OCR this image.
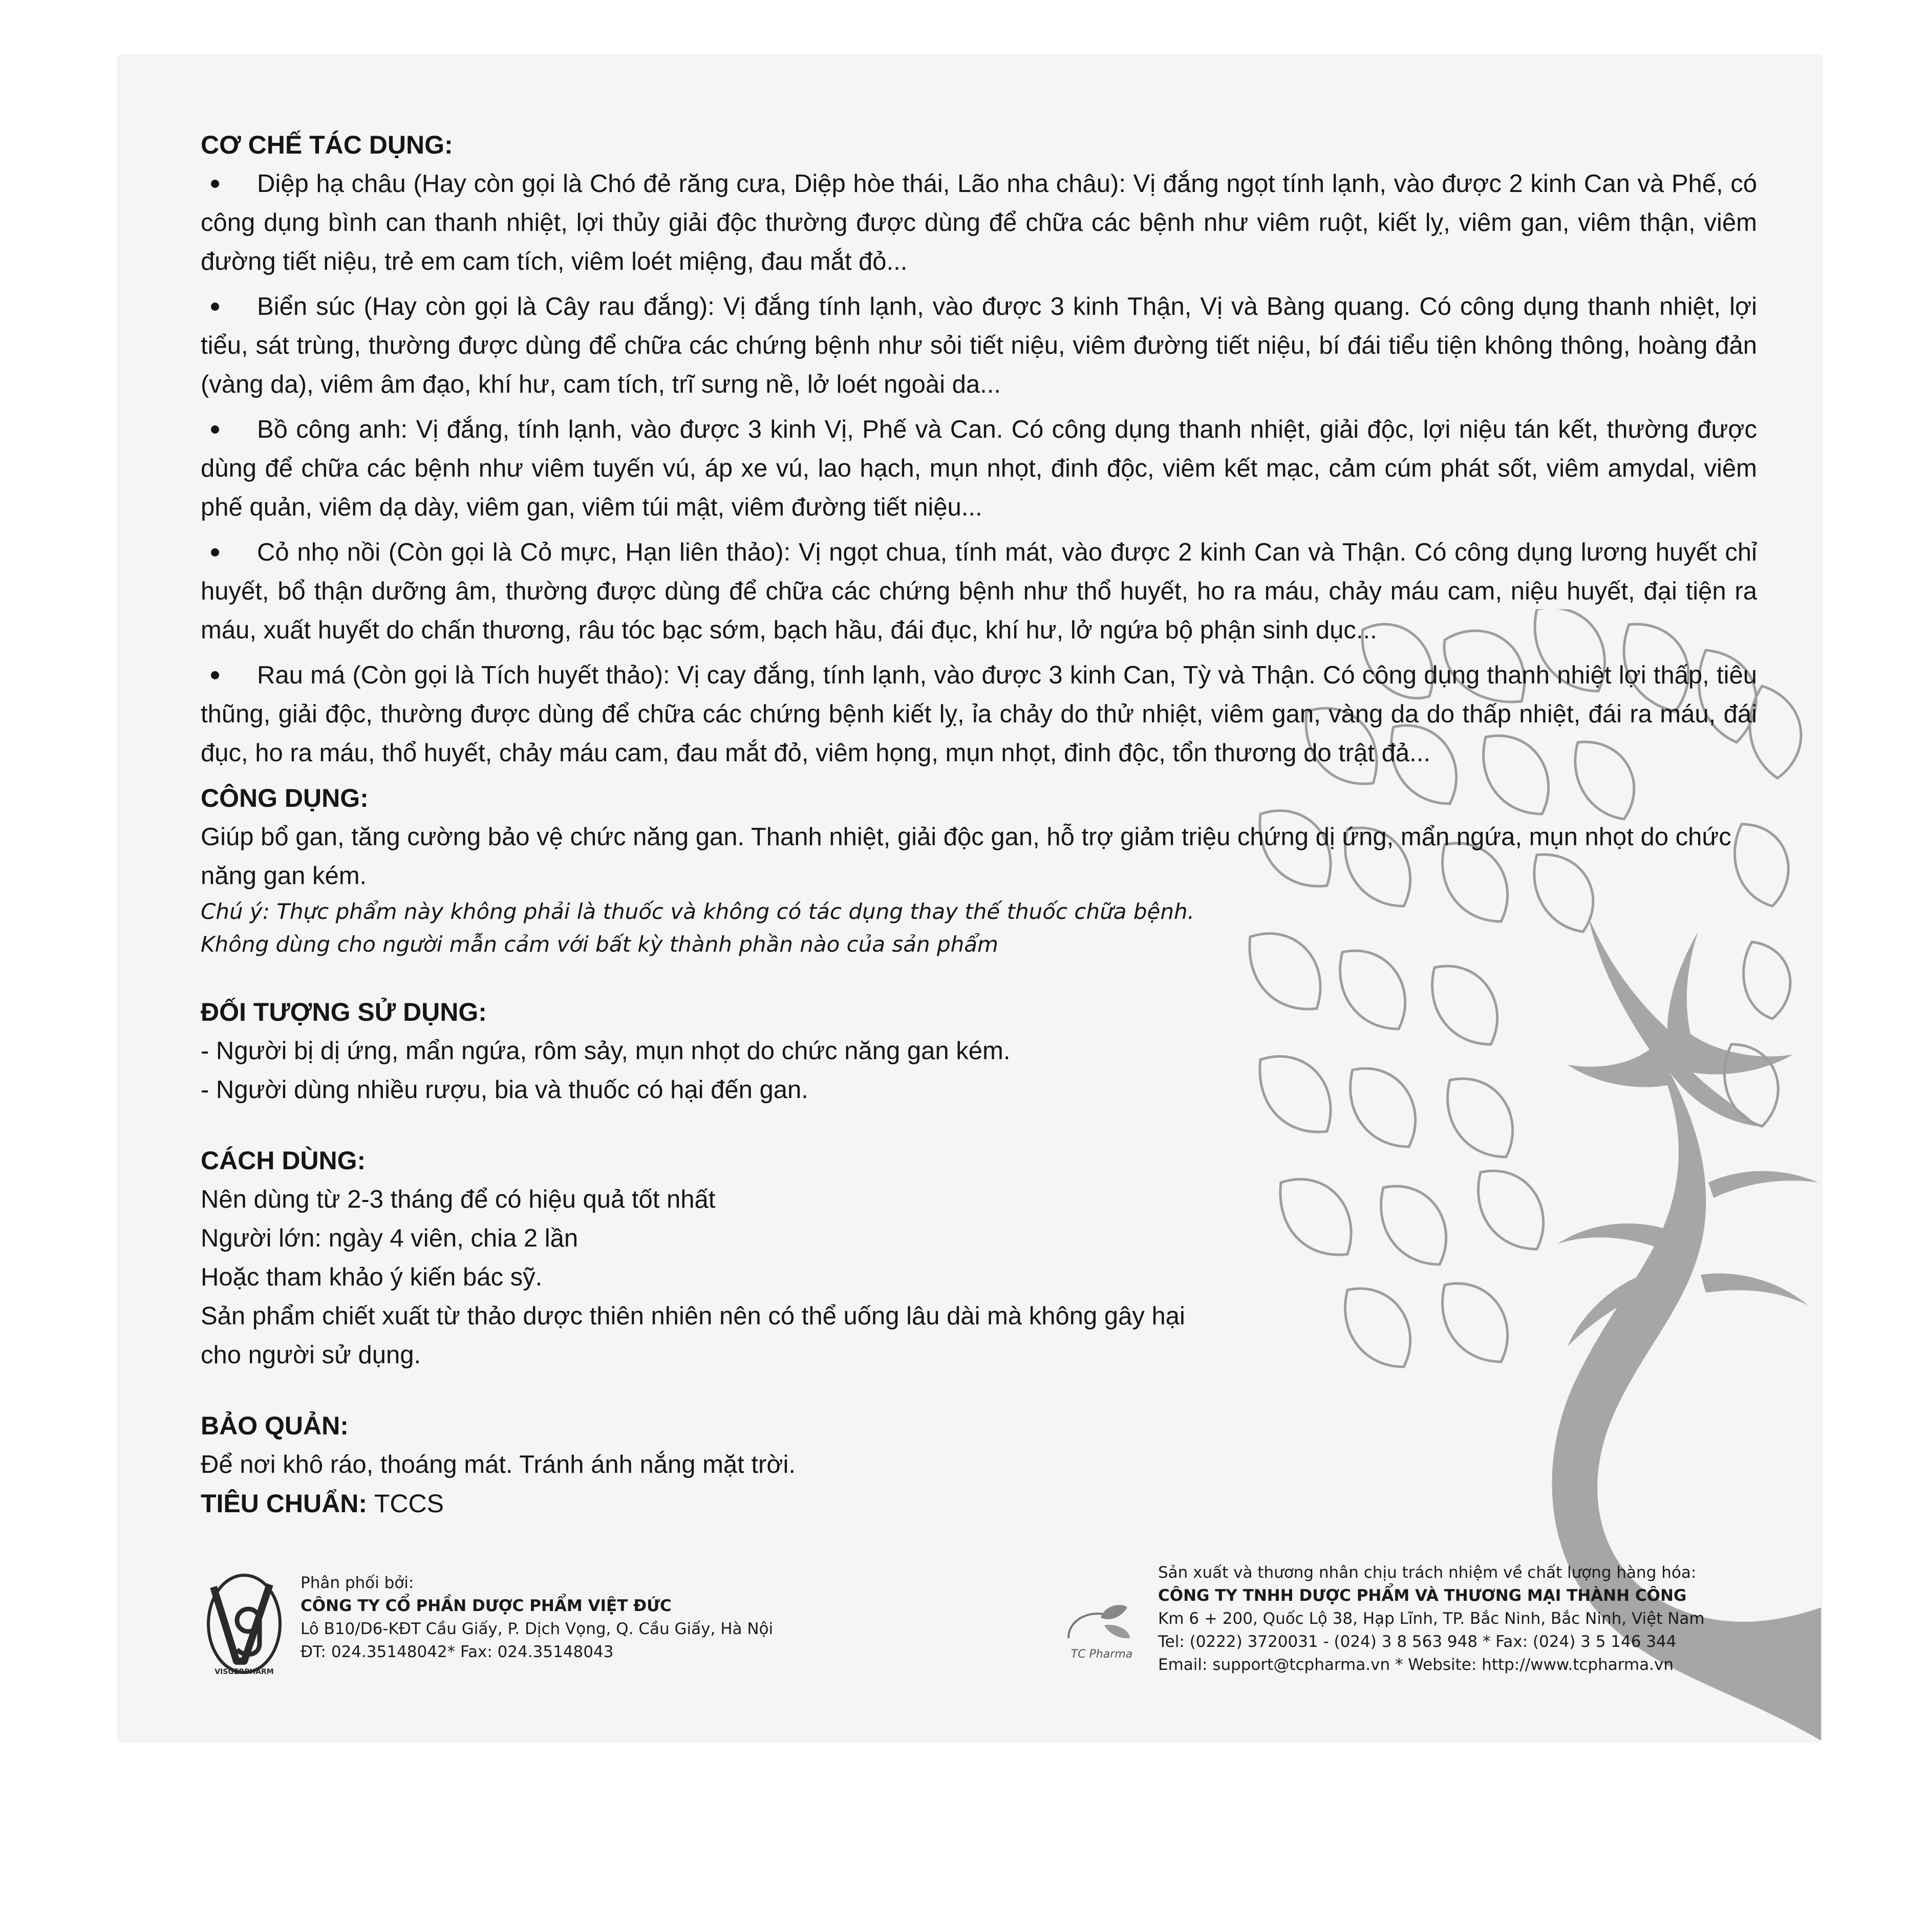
CƠ CHẾ TÁC DỤNG:

Diệp hạ châu (Hay còn gọi là Chó đẻ răng cưa, Diệp hòe thái, Lão nha châu): Vị đắng ngọt tính lạnh, vào được 2 kinh Can và Phế, có công dụng bình can thanh nhiệt, lợi thủy giải độc thường được dùng để chữa các bệnh như viêm ruột, kiết lỵ, viêm gan, viêm thận, viêm đường tiết niệu, trẻ em cam tích, viêm loét miệng, đau mắt đỏ...
Biển súc (Hay còn gọi là Cây rau đắng): Vị đắng tính lạnh, vào được 3 kinh Thận, Vị và Bàng quang. Có công dụng thanh nhiệt, lợi tiểu, sát trùng, thường được dùng để chữa các chứng bệnh như sỏi tiết niệu, viêm đường tiết niệu, bí đái tiểu tiện không thông, hoàng đản (vàng da), viêm âm đạo, khí hư, cam tích, trĩ sưng nề, lở loét ngoài da...
Bồ công anh: Vị đắng, tính lạnh, vào được 3 kinh Vị, Phế và Can. Có công dụng thanh nhiệt, giải độc, lợi niệu tán kết, thường được dùng để chữa các bệnh như viêm tuyến vú, áp xe vú, lao hạch, mụn nhọt, đinh độc, viêm kết mạc, cảm cúm phát sốt, viêm amydal, viêm phế quản, viêm dạ dày, viêm gan, viêm túi mật, viêm đường tiết niệu...
Cỏ nhọ nồi (Còn gọi là Cỏ mực, Hạn liên thảo): Vị ngọt chua, tính mát, vào được 2 kinh Can và Thận. Có công dụng lương huyết chỉ huyết, bổ thận dưỡng âm, thường được dùng để chữa các chứng bệnh như thổ huyết, ho ra máu, chảy máu cam, niệu huyết, đại tiện ra máu, xuất huyết do chấn thương, râu tóc bạc sớm, bạch hầu, đái đục, khí hư, lở ngứa bộ phận sinh dục...
Rau má (Còn gọi là Tích huyết thảo): Vị cay đắng, tính lạnh, vào được 3 kinh Can, Tỳ và Thận. Có công dụng thanh nhiệt lợi thấp, tiêu thũng, giải độc, thường được dùng để chữa các chứng bệnh kiết lỵ, ỉa chảy do thử nhiệt, viêm gan, vàng da do thấp nhiệt, đái ra máu, đái đục, ho ra máu, thổ huyết, chảy máu cam, đau mắt đỏ, viêm họng, mụn nhọt, đinh độc, tổn thương do trật đả...

CÔNG DỤNG:

Giúp bổ gan, tăng cường bảo vệ chức năng gan. Thanh nhiệt, giải độc gan, hỗ trợ giảm triệu chứng dị ứng, mẩn ngứa, mụn nhọt do chức năng gan kém.

Chú ý: Thực phẩm này không phải là thuốc và không có tác dụng thay thế thuốc chữa bệnh.

Không dùng cho người mẫn cảm với bất kỳ thành phần nào của sản phẩm

ĐỐI TƯỢNG SỬ DỤNG:

- Người bị dị ứng, mẩn ngứa, rôm sảy, mụn nhọt do chức năng gan kém.

- Người dùng nhiều rượu, bia và thuốc có hại đến gan.

CÁCH DÙNG:

Nên dùng từ 2-3 tháng để có hiệu quả tốt nhất

Người lớn: ngày 4 viên, chia 2 lần

Hoặc tham khảo ý kiến bác sỹ.

Sản phẩm chiết xuất từ thảo dược thiên nhiên nên có thể uống lâu dài mà không gây hại

cho người sử dụng.

BẢO QUẢN:

Để nơi khô ráo, thoáng mát. Tránh ánh nắng mặt trời.

TIÊU CHUẨN: TCCS

VISGERPHARM
Phân phối bởi:
CÔNG TY CỔ PHẦN DƯỢC PHẨM VIỆT ĐỨC
Lô B10/D6-KĐT Cầu Giấy, P. Dịch Vọng, Q. Cầu Giấy, Hà Nội
ĐT: 024.35148042* Fax: 024.35148043	TC Pharma
Sản xuất và thương nhân chịu trách nhiệm về chất lượng hàng hóa:
CÔNG TY TNHH DƯỢC PHẨM VÀ THƯƠNG MẠI THÀNH CÔNG
Km 6 + 200, Quốc Lộ 38, Hạp Lĩnh, TP. Bắc Ninh, Bắc Ninh, Việt Nam
Tel: (0222) 3720031 - (024) 3 8 563 948 * Fax: (024) 3 5 146 344
Email: support@tcpharma.vn * Website: http://www.tcpharma.vn
